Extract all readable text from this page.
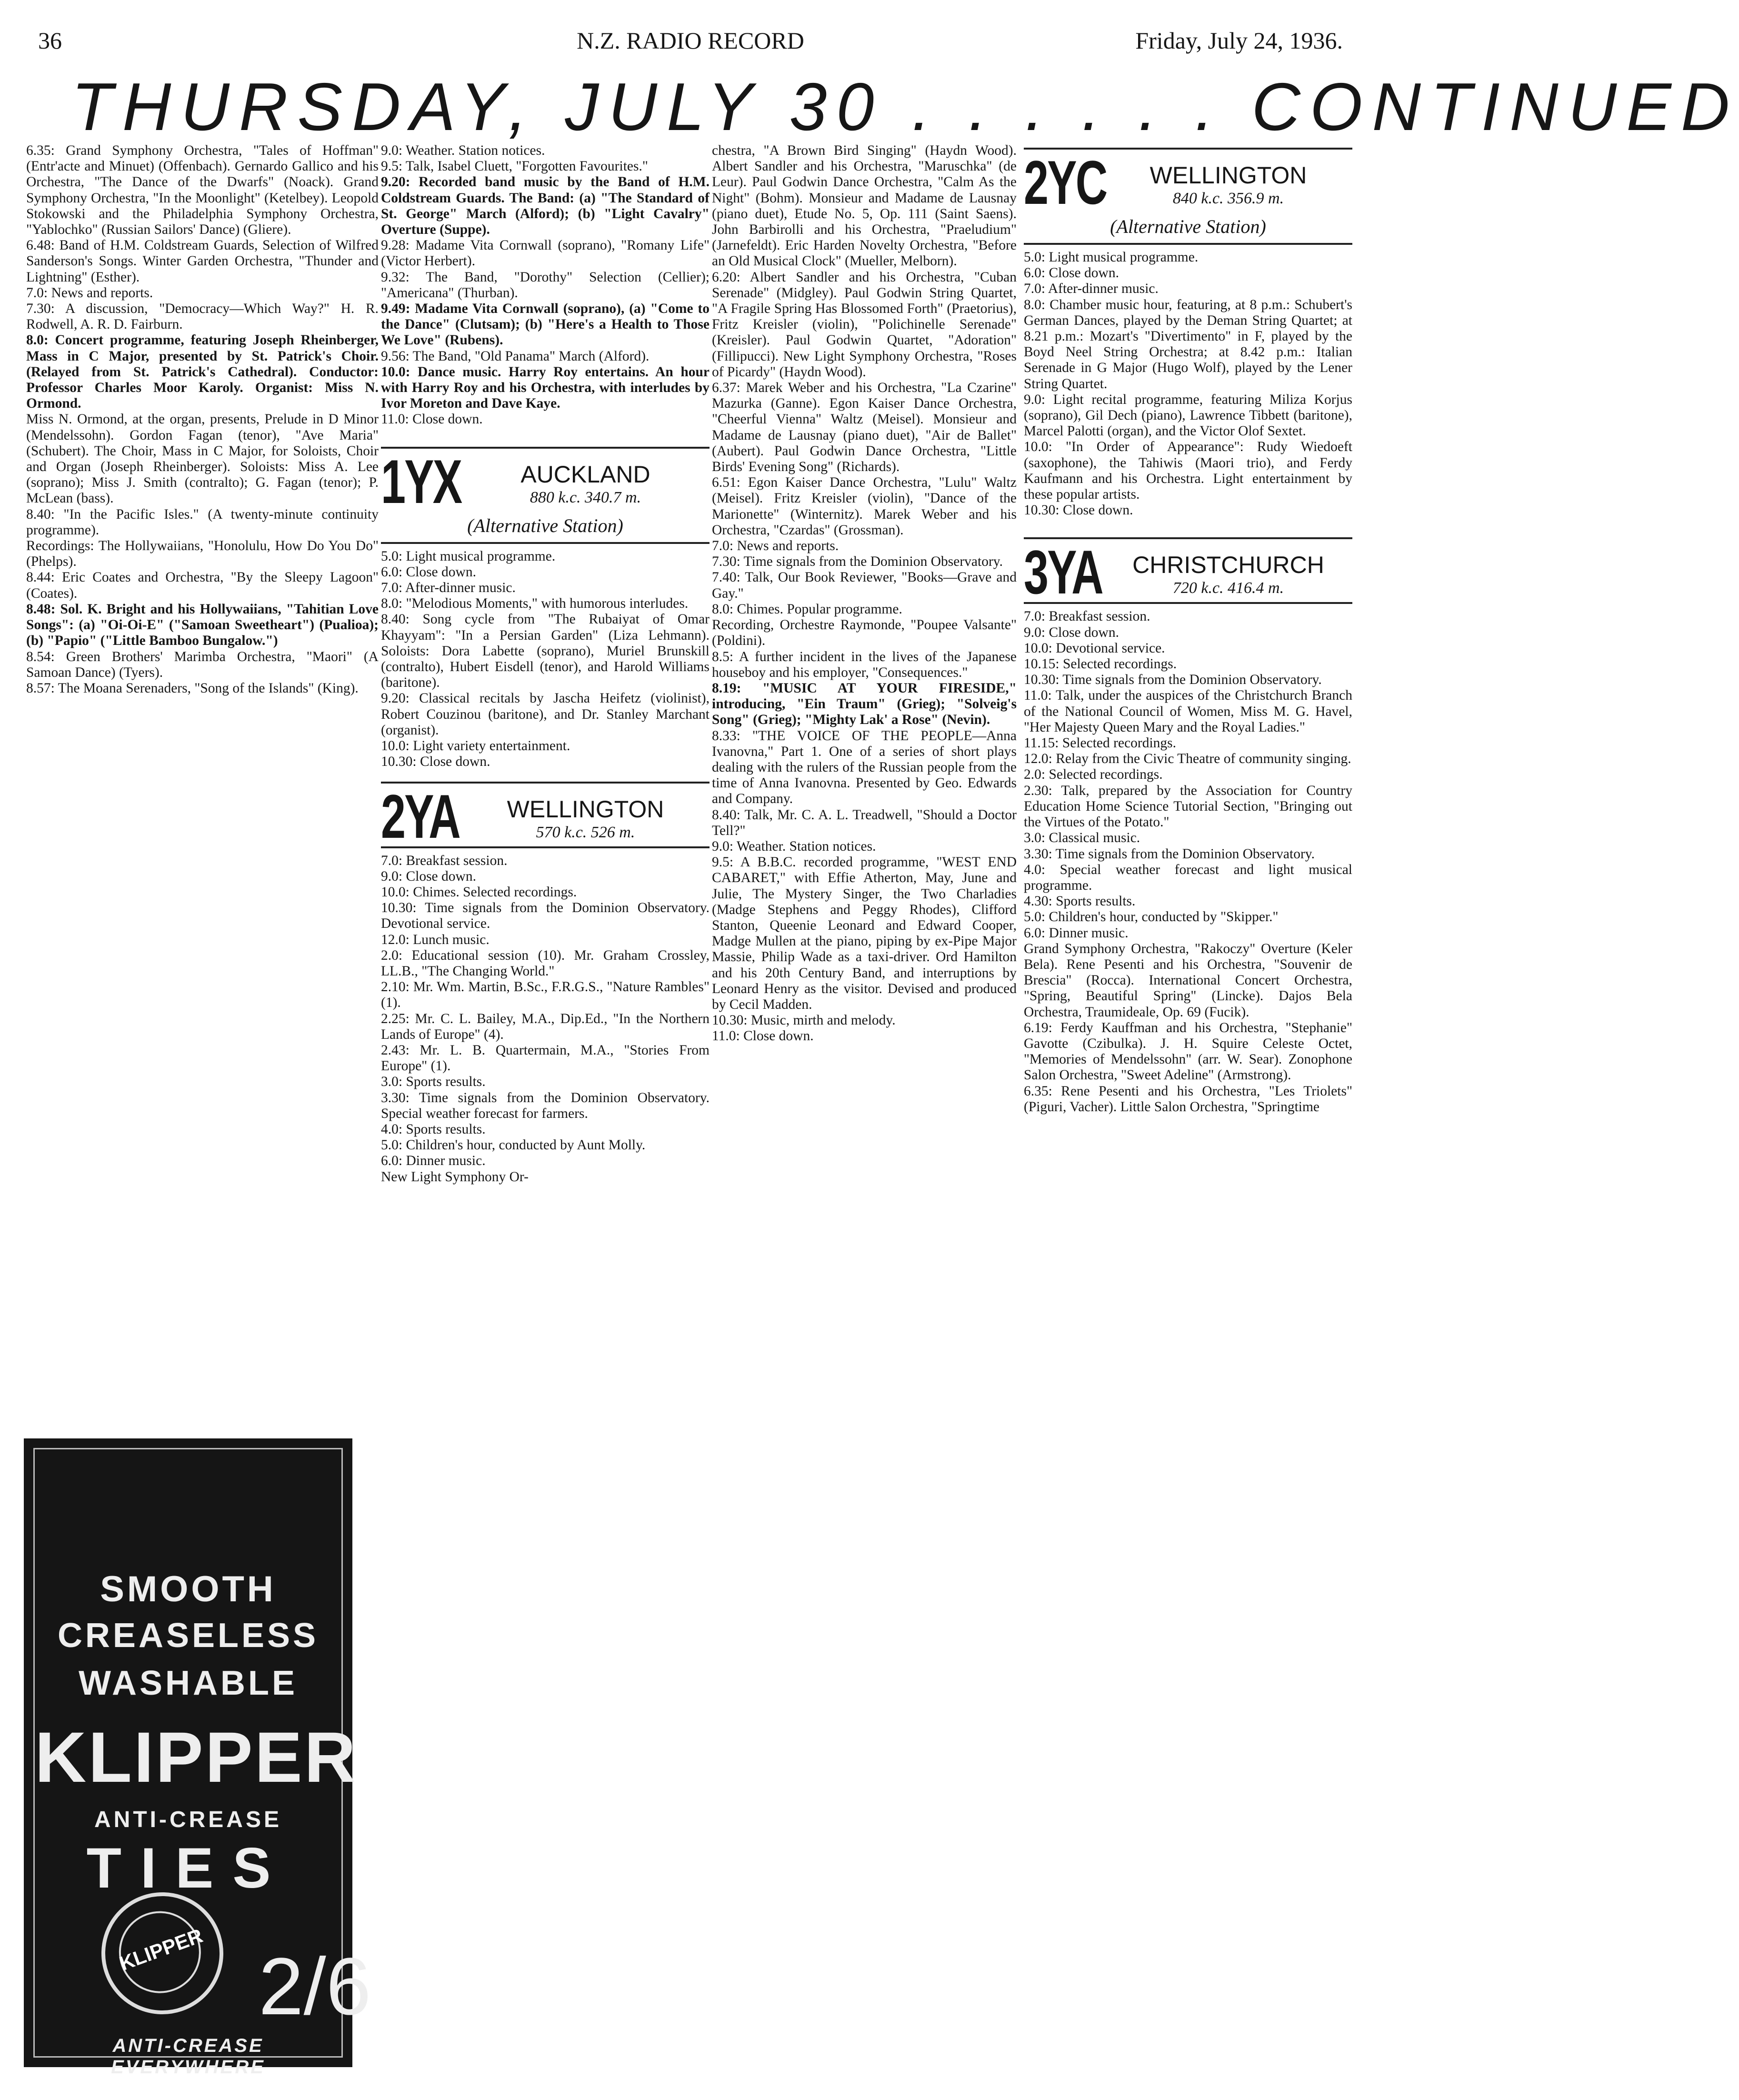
36	N.Z. RADIO RECORD	Friday, July 24, 1936.
THURSDAY, JULY 30 . . . . . . CONTINUED

6.35: Grand Symphony Orchestra, "Tales of Hoffman" (Entr'acte and Minuet) (Offenbach). Gernardo Gallico and his Orchestra, "The Dance of the Dwarfs" (Noack). Grand Symphony Orchestra, "In the Moonlight" (Ketelbey). Leopold Stokowski and the Philadelphia Symphony Orchestra, "Yablochko" (Russian Sailors' Dance) (Gliere).

6.48: Band of H.M. Coldstream Guards, Selection of Wilfred Sanderson's Songs. Winter Garden Orchestra, "Thunder and Lightning" (Esther).

7.0: News and reports.

7.30: A discussion, "Democracy—Which Way?" H. R. Rodwell, A. R. D. Fairburn.

8.0: Concert programme, featuring Joseph Rheinberger, Mass in C Major, presented by St. Patrick's Choir. (Relayed from St. Patrick's Cathedral). Conductor: Professor Charles Moor Karoly. Organist: Miss N. Ormond.

Miss N. Ormond, at the organ, presents, Prelude in D Minor (Mendelssohn). Gordon Fagan (tenor), "Ave Maria" (Schubert). The Choir, Mass in C Major, for Soloists, Choir and Organ (Joseph Rheinberger). Soloists: Miss A. Lee (soprano); Miss J. Smith (contralto); G. Fagan (tenor); P. McLean (bass).

8.40: "In the Pacific Isles." (A twenty-minute continuity programme).

Recordings: The Hollywaiians, "Honolulu, How Do You Do" (Phelps).

8.44: Eric Coates and Orchestra, "By the Sleepy Lagoon" (Coates).

8.48: Sol. K. Bright and his Hollywaiians, "Tahitian Love Songs": (a) "Oi-Oi-E" ("Samoan Sweetheart") (Pualioa); (b) "Papio" ("Little Bamboo Bungalow.")

8.54: Green Brothers' Marimba Orchestra, "Maori" (A Samoan Dance) (Tyers).

8.57: The Moana Serenaders, "Song of the Islands" (King).

SMOOTH
CREASELESS
WASHABLE
KLIPPER
ANTI-CREASE
TIES
KLIPPER 2/6
ANTI-CREASE EVERYWHERE

9.0: Weather. Station notices.

9.5: Talk, Isabel Cluett, "Forgotten Favourites."

9.20: Recorded band music by the Band of H.M. Coldstream Guards. The Band: (a) "The Standard of St. George" March (Alford); (b) "Light Cavalry" Overture (Suppe).

9.28: Madame Vita Cornwall (soprano), "Romany Life" (Victor Herbert).

9.32: The Band, "Dorothy" Selection (Cellier); "Americana" (Thurban).

9.49: Madame Vita Cornwall (soprano), (a) "Come to the Dance" (Clutsam); (b) "Here's a Health to Those We Love" (Rubens).

9.56: The Band, "Old Panama" March (Alford).

10.0: Dance music. Harry Roy entertains. An hour with Harry Roy and his Orchestra, with interludes by Ivor Moreton and Dave Kaye.

11.0: Close down.

1YX	AUCKLAND
880 k.c. 340.7 m.
(Alternative Station)

5.0: Light musical programme.

6.0: Close down.

7.0: After-dinner music.

8.0: "Melodious Moments," with humorous interludes.

8.40: Song cycle from "The Rubaiyat of Omar Khayyam": "In a Persian Garden" (Liza Lehmann). Soloists: Dora Labette (soprano), Muriel Brunskill (contralto), Hubert Eisdell (tenor), and Harold Williams (baritone).

9.20: Classical recitals by Jascha Heifetz (violinist), Robert Couzinou (baritone), and Dr. Stanley Marchant (organist).

10.0: Light variety entertainment.

10.30: Close down.

2YA	WELLINGTON
570 k.c. 526 m.

7.0: Breakfast session.

9.0: Close down.

10.0: Chimes. Selected recordings.

10.30: Time signals from the Dominion Observatory. Devotional service.

12.0: Lunch music.

2.0: Educational session (10). Mr. Graham Crossley, LL.B., "The Changing World."

2.10: Mr. Wm. Martin, B.Sc., F.R.G.S., "Nature Rambles" (1).

2.25: Mr. C. L. Bailey, M.A., Dip.Ed., "In the Northern Lands of Europe" (4).

2.43: Mr. L. B. Quartermain, M.A., "Stories From Europe" (1).

3.0: Sports results.

3.30: Time signals from the Dominion Observatory. Special weather forecast for farmers.

4.0: Sports results.

5.0: Children's hour, conducted by Aunt Molly.

6.0: Dinner music.

New Light Symphony Or-

chestra, "A Brown Bird Singing" (Haydn Wood). Albert Sandler and his Orchestra, "Maruschka" (de Leur). Paul Godwin Dance Orchestra, "Calm As the Night" (Bohm). Monsieur and Madame de Lausnay (piano duet), Etude No. 5, Op. 111 (Saint Saens). John Barbirolli and his Orchestra, "Praeludium" (Jarnefeldt). Eric Harden Novelty Orchestra, "Before an Old Musical Clock" (Mueller, Melborn).

6.20: Albert Sandler and his Orchestra, "Cuban Serenade" (Midgley). Paul Godwin String Quartet, "A Fragile Spring Has Blossomed Forth" (Praetorius), Fritz Kreisler (violin), "Polichinelle Serenade" (Kreisler). Paul Godwin Quartet, "Adoration" (Fillipucci). New Light Symphony Orchestra, "Roses of Picardy" (Haydn Wood).

6.37: Marek Weber and his Orchestra, "La Czarine" Mazurka (Ganne). Egon Kaiser Dance Orchestra, "Cheerful Vienna" Waltz (Meisel). Monsieur and Madame de Lausnay (piano duet), "Air de Ballet" (Aubert). Paul Godwin Dance Orchestra, "Little Birds' Evening Song" (Richards).

6.51: Egon Kaiser Dance Orchestra, "Lulu" Waltz (Meisel). Fritz Kreisler (violin), "Dance of the Marionette" (Winternitz). Marek Weber and his Orchestra, "Czardas" (Grossman).

7.0: News and reports.

7.30: Time signals from the Dominion Observatory.

7.40: Talk, Our Book Reviewer, "Books—Grave and Gay."

8.0: Chimes. Popular programme.

Recording, Orchestre Raymonde, "Poupee Valsante" (Poldini).

8.5: A further incident in the lives of the Japanese houseboy and his employer, "Consequences."

8.19: "MUSIC AT YOUR FIRESIDE," introducing, "Ein Traum" (Grieg); "Solveig's Song" (Grieg); "Mighty Lak' a Rose" (Nevin).

8.33: "THE VOICE OF THE PEOPLE—Anna Ivanovna," Part 1. One of a series of short plays dealing with the rulers of the Russian people from the time of Anna Ivanovna. Presented by Geo. Edwards and Company.

8.40: Talk, Mr. C. A. L. Treadwell, "Should a Doctor Tell?"

9.0: Weather. Station notices.

9.5: A B.B.C. recorded programme, "WEST END CABARET," with Effie Atherton, May, June and Julie, The Mystery Singer, the Two Charladies (Madge Stephens and Peggy Rhodes), Clifford Stanton, Queenie Leonard and Edward Cooper, Madge Mullen at the piano, piping by ex-Pipe Major Massie, Philip Wade as a taxi-driver. Ord Hamilton and his 20th Century Band, and interruptions by Leonard Henry as the visitor. Devised and produced by Cecil Madden.

10.30: Music, mirth and melody.

11.0: Close down.

2YC	WELLINGTON
840 k.c. 356.9 m.
(Alternative Station)

5.0: Light musical programme.

6.0: Close down.

7.0: After-dinner music.

8.0: Chamber music hour, featuring, at 8 p.m.: Schubert's German Dances, played by the Deman String Quartet; at 8.21 p.m.: Mozart's "Divertimento" in F, played by the Boyd Neel String Orchestra; at 8.42 p.m.: Italian Serenade in G Major (Hugo Wolf), played by the Lener String Quartet.

9.0: Light recital programme, featuring Miliza Korjus (soprano), Gil Dech (piano), Lawrence Tibbett (baritone), Marcel Palotti (organ), and the Victor Olof Sextet.

10.0: "In Order of Appearance": Rudy Wiedoeft (saxophone), the Tahiwis (Maori trio), and Ferdy Kaufmann and his Orchestra. Light entertainment by these popular artists.

10.30: Close down.

3YA	CHRISTCHURCH
720 k.c. 416.4 m.

7.0: Breakfast session.

9.0: Close down.

10.0: Devotional service.

10.15: Selected recordings.

10.30: Time signals from the Dominion Observatory.

11.0: Talk, under the auspices of the Christchurch Branch of the National Council of Women, Miss M. G. Havel, "Her Majesty Queen Mary and the Royal Ladies."

11.15: Selected recordings.

12.0: Relay from the Civic Theatre of community singing.

2.0: Selected recordings.

2.30: Talk, prepared by the Association for Country Education Home Science Tutorial Section, "Bringing out the Virtues of the Potato."

3.0: Classical music.

3.30: Time signals from the Dominion Observatory.

4.0: Special weather forecast and light musical programme.

4.30: Sports results.

5.0: Children's hour, conducted by "Skipper."

6.0: Dinner music.

Grand Symphony Orchestra, "Rakoczy" Overture (Keler Bela). Rene Pesenti and his Orchestra, "Souvenir de Brescia" (Rocca). International Concert Orchestra, "Spring, Beautiful Spring" (Lincke). Dajos Bela Orchestra, Traumideale, Op. 69 (Fucik).

6.19: Ferdy Kauffman and his Orchestra, "Stephanie" Gavotte (Czibulka). J. H. Squire Celeste Octet, "Memories of Mendelssohn" (arr. W. Sear). Zonophone Salon Orchestra, "Sweet Adeline" (Armstrong).

6.35: Rene Pesenti and his Orchestra, "Les Triolets" (Piguri, Vacher). Little Salon Orchestra, "Springtime
